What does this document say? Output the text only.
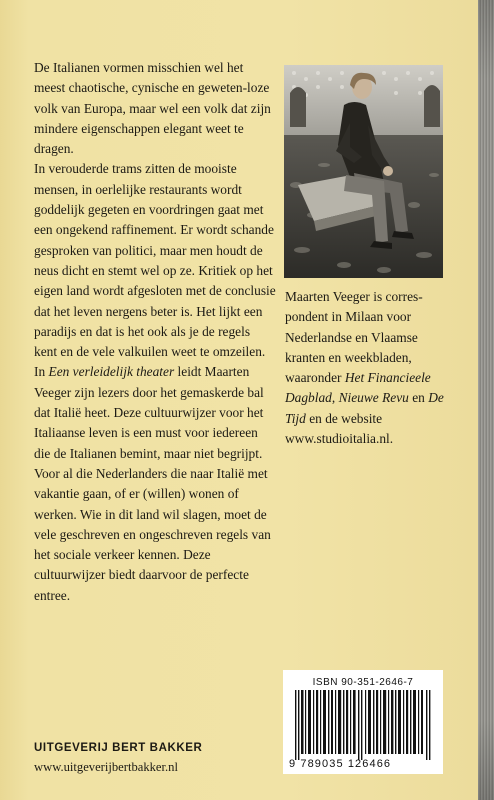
De Italianen vormen misschien wel het meest chaotische, cynische en geweten-loze volk van Europa, maar wel een volk dat zijn mindere eigenschappen elegant weet te dragen.

In verouderde trams zitten de mooiste mensen, in oerlelijke restaurants wordt goddelijk gegeten en voordringen gaat met een ongekend raffinement. Er wordt schande gesproken van politici, maar men houdt de neus dicht en stemt wel op ze. Kritiek op het eigen land wordt afgesloten met de conclusie dat het leven nergens beter is. Het lijkt een paradijs en dat is het ook als je de regels kent en de vele valkuilen weet te omzeilen.

In Een verleidelijk theater leidt Maarten Veeger zijn lezers door het gemaskerde bal dat Italië heet. Deze cultuurwijzer voor het Italiaanse leven is een must voor iedereen die de Italianen bemint, maar niet begrijpt. Voor al die Nederlanders die naar Italië met vakantie gaan, of er (willen) wonen of werken. Wie in dit land wil slagen, moet de vele geschreven en ongeschreven regels van het sociale verkeer kennen. Deze cultuurwijzer biedt daarvoor de perfecte entree.

Maarten Veeger is corres-pondent in Milaan voor Nederlandse en Vlaamse kranten en weekbladen, waaronder Het Financieele Dagblad, Nieuwe Revu en De Tijd en de website www.studioitalia.nl.

ISBN 90-351-2646-7
9 789035 126466
UITGEVERIJ BERT BAKKER
www.uitgeverijbertbakker.nl
